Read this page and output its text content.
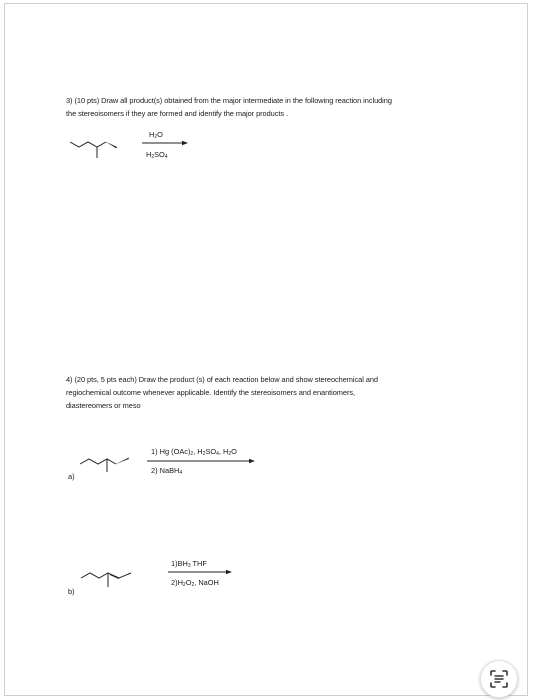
3) (10 pts) Draw all product(s) obtained from the major intermediate in the following reaction including
the stereoisomers if they are formed and identify the major products .
$H_2O$
$H_2SO_4$
4) (20 pts, 5 pts each) Draw the product (s) of each reaction below and show stereochemical and
regiochemical outcome whenever applicable. Identify the stereoisomers and enantiomers,
diastereomers or meso
a)
1) Hg $(OAc)_2$, $H_2SO_4$, $H_2O$
2) NaBH$_4$
b)
$1)BH_3$ THF
$2)H_2O_2$, NaOH
